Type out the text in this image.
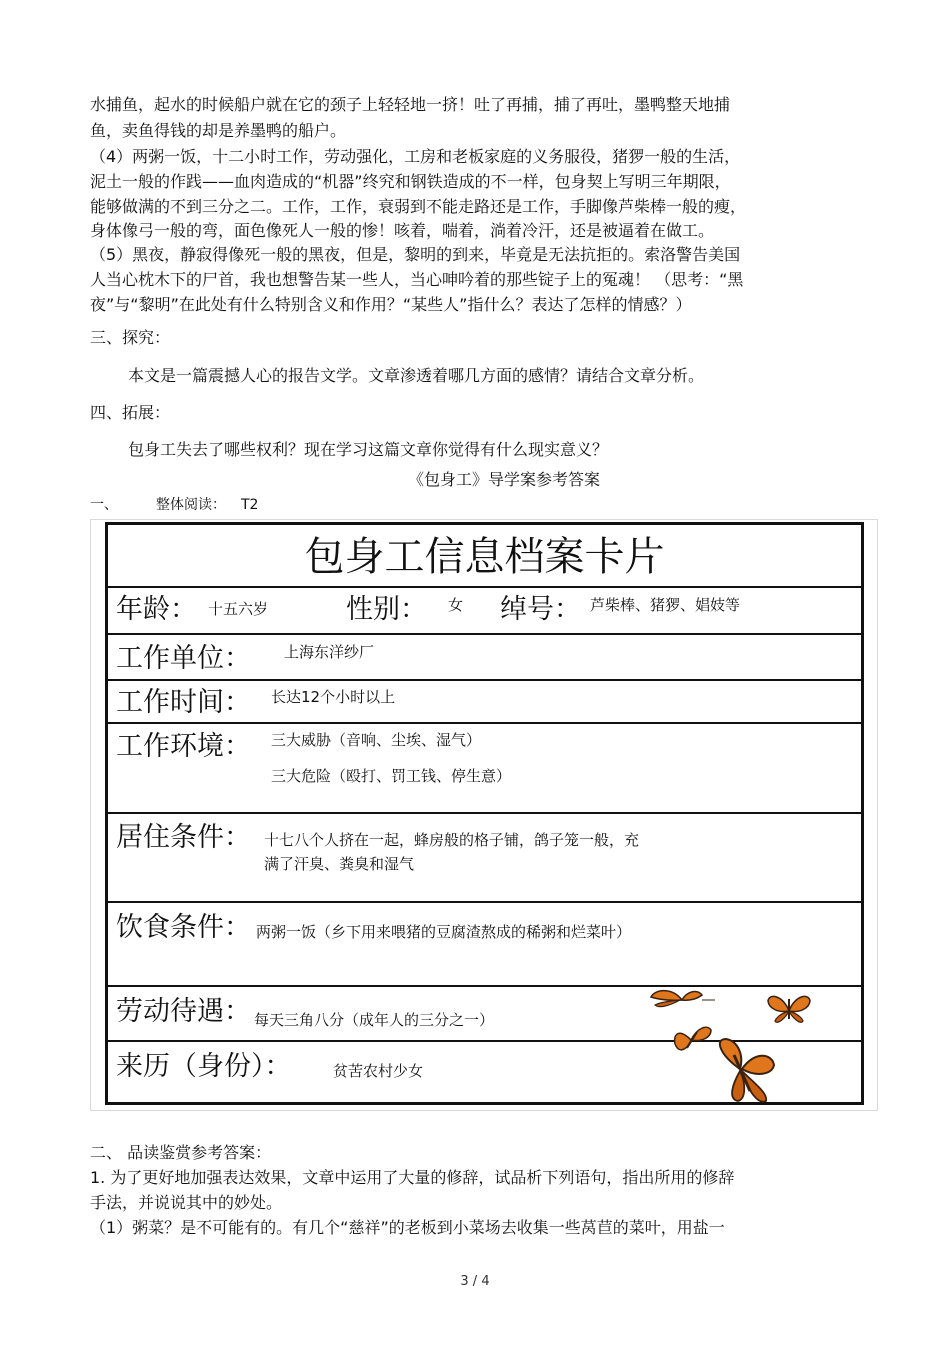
水捕鱼，起水的时候船户就在它的颈子上轻轻地一挤！吐了再捕，捕了再吐，墨鸭整天地捕
鱼，卖鱼得钱的却是养墨鸭的船户。
（4）两粥一饭，十二小时工作，劳动强化，工房和老板家庭的义务服役，猪猡一般的生活，
泥土一般的作践——血肉造成的“机器”终究和钢铁造成的不一样，包身契上写明三年期限，
能够做满的不到三分之二。工作，工作，衰弱到不能走路还是工作，手脚像芦柴棒一般的瘦，
身体像弓一般的弯，面色像死人一般的惨！咳着，喘着，淌着冷汗，还是被逼着在做工。
（5）黑夜，静寂得像死一般的黑夜，但是，黎明的到来，毕竟是无法抗拒的。索洛警告美国
人当心枕木下的尸首，我也想警告某一些人，当心呻吟着的那些锭子上的冤魂！ （思考：“黑
夜”与“黎明”在此处有什么特别含义和作用？“某些人”指什么？表达了怎样的情感？）
三、探究：
本文是一篇震撼人心的报告文学。文章渗透着哪几方面的感情？请结合文章分析。
四、拓展：
包身工失去了哪些权利？现在学习这篇文章你觉得有什么现实意义？
《包身工》导学案参考答案
一、	整体阅读： T2
包身工信息档案卡片
年龄： 十五六岁	性别： 女 绰号： 芦柴棒、猪猡、娼妓等
工作单位： 上海东洋纱厂
工作时间： 长达12个小时以上
工作环境： 三大威胁（音响、尘埃、湿气）
三大危险（殴打、罚工钱、停生意）
居住条件： 十七八个人挤在一起，蜂房般的格子铺，鸽子笼一般，充
满了汗臭、粪臭和湿气
饮食条件： 两粥一饭（乡下用来喂猪的豆腐渣熬成的稀粥和烂菜叶）
劳动待遇： 每天三角八分（成年人的三分之一）
来历（身份）：	贫苦农村少女
二、 品读鉴赏参考答案：
1. 为了更好地加强表达效果，文章中运用了大量的修辞，试品析下列语句，指出所用的修辞
手法，并说说其中的妙处。
（1）粥菜？是不可能有的。有几个“慈祥”的老板到小菜场去收集一些莴苣的菜叶，用盐一
3 / 4
